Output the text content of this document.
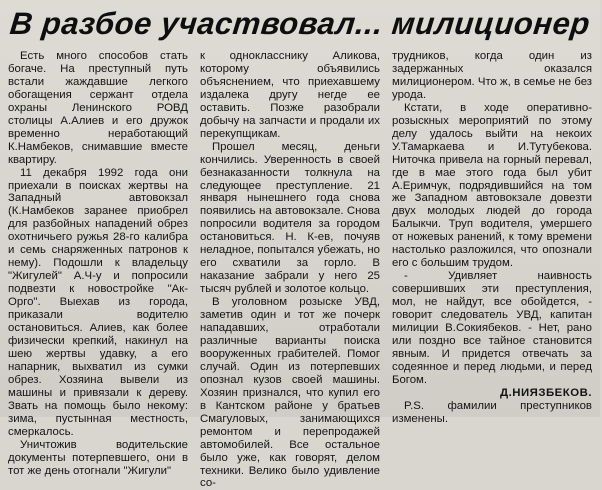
В разбое участвовал... милиционер

Есть много способов стать богаче. На преступный путь встали жаждавшие легкого обогащения сержант отдела охраны Ленинского РОВД столицы А.Алиев и его дружок временно неработающий К.Намбеков, снимавшие вместе квартиру.

11 декабря 1992 года они приехали в поисках жертвы на Западный автовокзал (К.Намбеков заранее приобрел для разбойных нападений обрез охотничьего ружья 28-го калибра и семь снаряженных патронов к нему). Подошли к владельцу "Жигулей" А.Ч-у и попросили подвезти к новостройке "Ак-Орго". Выехав из города, приказали водителю остановиться. Алиев, как более физически крепкий, накинул на шею жертвы удавку, а его напарник, выхватил из сумки обрез. Хозяина вывели из машины и привязали к дереву. Звать на помощь было некому: зима, пустынная местность, смеркалось.

Уничтожив водительские документы потерпевшего, они в тот же день отогнали "Жигули"

к однокласснику Аликова, которому объявились объяснением, что приехавшему издалека другу негде ее оставить. Позже разобрали добычу на запчасти и продали их перекупщикам.

Прошел месяц, деньги кончились. Уверенность в своей безнаказанности толкнула на следующее преступление. 21 января нынешнего года снова появились на автовокзале. Снова попросили водителя за городом остановиться. Н. К-ев, почуяв неладное, попытался убежать, но его схватили за горло. В наказание забрали у него 25 тысяч рублей и золотое кольцо.

В уголовном розыске УВД, заметив один и тот же почерк нападавших, отработали различные варианты поиска вооруженных грабителей. Помог случай. Один из потерпевших опознал кузов своей машины. Хозяин признался, что купил его в Кантском районе у братьев Смагуловых, занимающихся ремонтом и перепродажей автомобилей. Все остальное было уже, как говорят, делом техники. Велико было удивление со-

трудников, когда один из задержанных оказался милиционером. Что ж, в семье не без урода.

Кстати, в ходе оперативно-розыскных мероприятий по этому делу удалось выйти на некоих У.Тамаркаева и И.Тутубекова. Ниточка привела на горный перевал, где в мае этого года был убит А.Еримчук, подрядившийся на том же Западном автовокзале довезти двух молодых людей до города Балыкчи. Труп водителя, умершего от ножевых ранений, к тому времени настолько разложился, что опознали его с большим трудом.

- Удивляет наивность совершивших эти преступления, мол, не найдут, все обойдется, - говорит следователь УВД, капитан милиции В.Сокиябеков. - Нет, рано или поздно все тайное становится явным. И придется отвечать за содеянное и перед людьми, и перед Богом.

Д.НИЯЗБЕКОВ.

P.S. фамилии преступников изменены.
